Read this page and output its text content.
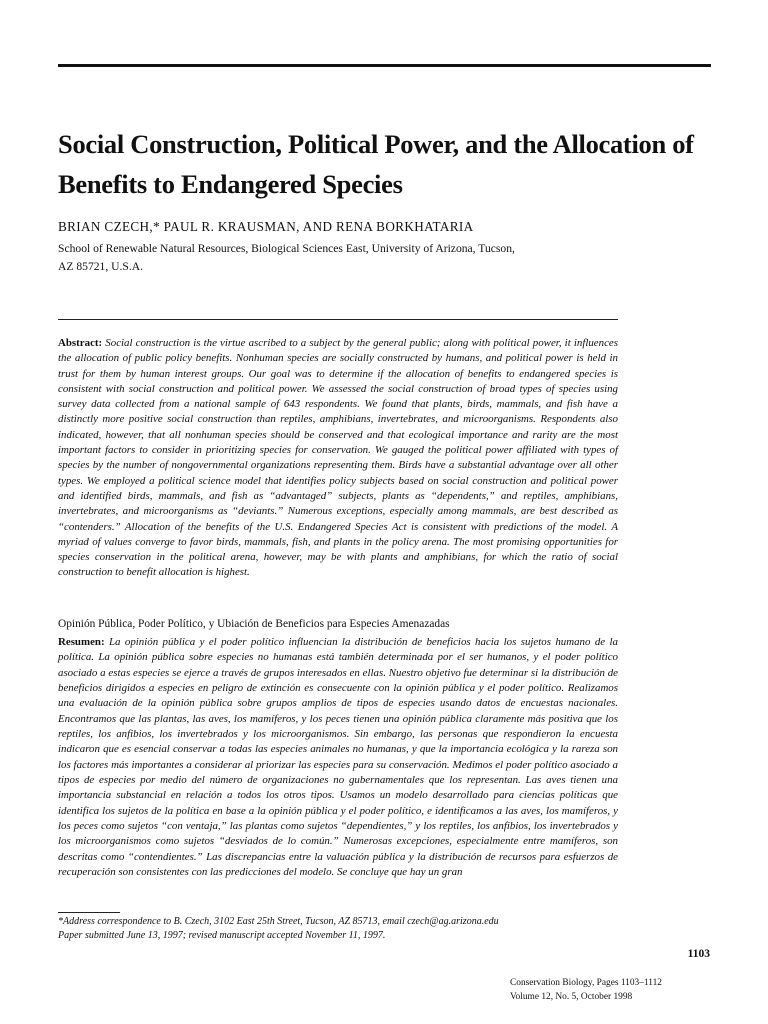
Social Construction, Political Power, and the Allocation of Benefits to Endangered Species
BRIAN CZECH,* PAUL R. KRAUSMAN, AND RENA BORKHATARIA
School of Renewable Natural Resources, Biological Sciences East, University of Arizona, Tucson,
AZ 85721, U.S.A.

Abstract: Social construction is the virtue ascribed to a subject by the general public; along with political power, it influences the allocation of public policy benefits. Nonhuman species are socially constructed by humans, and political power is held in trust for them by human interest groups. Our goal was to determine if the allocation of benefits to endangered species is consistent with social construction and political power. We assessed the social construction of broad types of species using survey data collected from a national sample of 643 respondents. We found that plants, birds, mammals, and fish have a distinctly more positive social construction than reptiles, amphibians, invertebrates, and microorganisms. Respondents also indicated, however, that all nonhuman species should be conserved and that ecological importance and rarity are the most important factors to consider in prioritizing species for conservation. We gauged the political power affiliated with types of species by the number of nongovernmental organizations representing them. Birds have a substantial advantage over all other types. We employed a political science model that identifies policy subjects based on social construction and political power and identified birds, mammals, and fish as “advantaged” subjects, plants as “dependents,” and reptiles, amphibians, invertebrates, and microorganisms as “deviants.” Numerous exceptions, especially among mammals, are best described as “contenders.” Allocation of the benefits of the U.S. Endangered Species Act is consistent with predictions of the model. A myriad of values converge to favor birds, mammals, fish, and plants in the policy arena. The most promising opportunities for species conservation in the political arena, however, may be with plants and amphibians, for which the ratio of social construction to benefit allocation is highest.

Opinión Pública, Poder Político, y Ubiación de Beneficios para Especies Amenazadas

Resumen: La opinión pública y el poder político influencian la distribución de beneficios hacia los sujetos humano de la política. La opinión pública sobre especies no humanas está también determinada por el ser humanos, y el poder político asociado a estas especies se ejerce a través de grupos interesados en ellas. Nuestro objetivo fue determinar si la distribución de beneficios dirigidos a especies en peligro de extinción es consecuente con la opinión pública y el poder político. Realizamos una evaluación de la opinión pública sobre grupos amplios de tipos de especies usando datos de encuestas nacionales. Encontramos que las plantas, las aves, los mamíferos, y los peces tienen una opinión pública claramente más positiva que los reptiles, los anfibios, los invertebrados y los microorganismos. Sin embargo, las personas que respondieron la encuesta indicaron que es esencial conservar a todas las especies animales no humanas, y que la importancia ecológica y la rareza son los factores más importantes a considerar al priorizar las especies para su conservación. Medimos el poder político asociado a tipos de especies por medio del número de organizaciones no gubernamentales que los representan. Las aves tienen una importancia substancial en relación a todos los otros tipos. Usamos un modelo desarrollado para ciencias políticas que identifica los sujetos de la política en base a la opinión pública y el poder político, e identificamos a las aves, los mamíferos, y los peces como sujetos “con ventaja,” las plantas como sujetos “dependientes,” y los reptiles, los anfibios, los invertebrados y los microorganismos como sujetos “desviados de lo común.” Numerosas excepciones, especialmente entre mamíferos, son descritas como “contendientes.” Las discrepancias entre la valuación pública y la distribución de recursos para esfuerzos de recuperación son consistentes con las predicciones del modelo. Se concluye que hay un gran

*Address correspondence to B. Czech, 3102 East 25th Street, Tucson, AZ 85713, email czech@ag.arizona.edu
Paper submitted June 13, 1997; revised manuscript accepted November 11, 1997.
1103
Conservation Biology, Pages 1103–1112
Volume 12, No. 5, October 1998
